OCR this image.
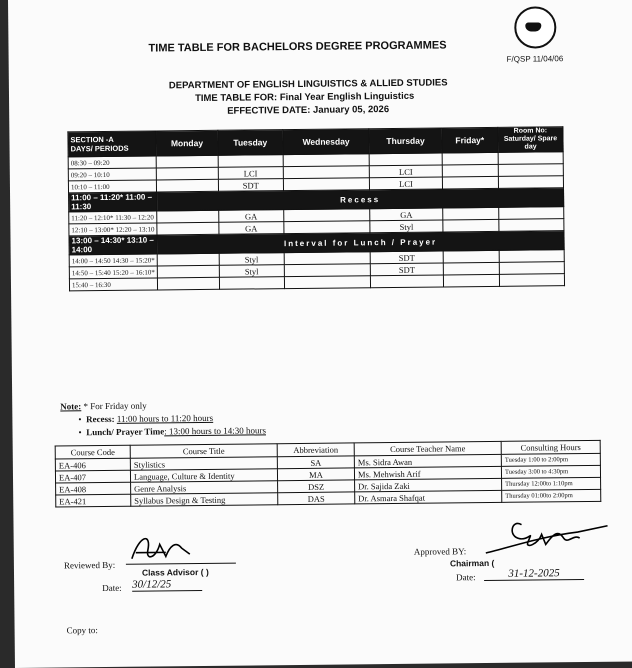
F/QSP 11/04/06
TIME TABLE FOR BACHELORS DEGREE PROGRAMMES
DEPARTMENT OF ENGLISH LINGUISTICS & ALLIED STUDIES
TIME TABLE FOR: Final Year English Linguistics
EFFECTIVE DATE: January 05, 2026
SECTION -A
DAYS/ PERIODS	Monday	Tuesday	Wednesday	Thursday	Friday*	Room No:
Saturday/ Spare day
08:30 – 09:20						
09:20 – 10:10		LCI		LCI		
10:10 – 11:00		SDT		LCI		
11:00 – 11:20* 11:00 – 11:30	Recess					
11:20 – 12:10* 11:30 – 12:20		GA		GA		
12:10 – 13:00* 12:20 – 13:10		GA		Styl		
13:00 – 14:30* 13:10 – 14:00	Interval for Lunch / Prayer					
14:00 – 14:50 14:30 – 15:20*		Styl		SDT		
14:50 – 15:40 15:20 – 16:10*		Styl		SDT		
15:40 – 16:30						
Note: * For Friday only
•  Recess: 11:00 hours to 11:20 hours
•  Lunch/ Prayer Time: 13:00 hours to 14:30 hours
Course Code	Course Title	Abbreviation	Course Teacher Name	Consulting Hours
EA-406	Stylistics	SA	Ms. Sidra Awan	Tuesday 1:00 to 2:00pm
EA-407	Language, Culture & Identity	MA	Ms. Mehwish Arif	Tuesday 3:00 to 4:30pm
EA-408	Genre Analysis	DSZ	Dr. Sajida Zaki	Thursday 12:00to 1:10pm
EA-421	Syllabus Design & Testing	DAS	Dr. Asmara Shafqat	Thursday 01:00to 2:00pm
Reviewed By:
Class Advisor ( )
Date: 30/12/25
Approved BY:
Chairman (
Date:	31-12-2025
Copy to:
